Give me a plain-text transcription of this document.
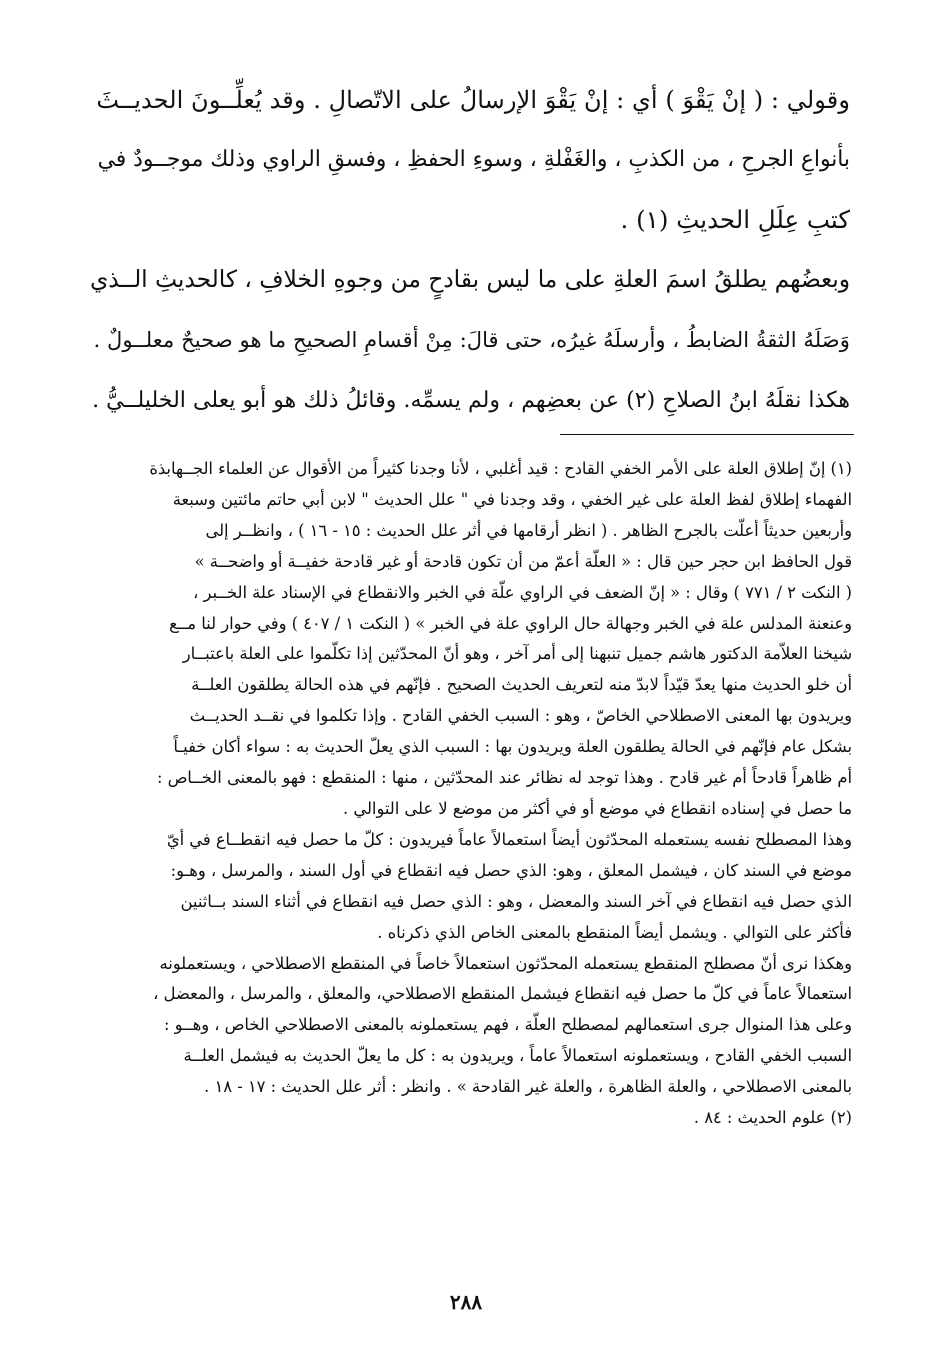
وقولي : ( إنْ يَقْوَ ) أي : إنْ يَقْوَ الإرسالُ على الاتّصالِ . وقد يُعلِّــونَ الحديــثَ
بأنواعِ الجرحِ ، من الكذبِ ، والغَفْلةِ ، وسوءِ الحفظِ ، وفسقِ الراوي وذلك موجــودٌ في
كتبِ عِلَلِ الحديثِ (١) .
وبعضُهم يطلقُ اسمَ العلةِ على ما ليس بقادحٍ من وجوهِ الخلافِ ، كالحديثِ الــذي
وَصَلَهُ الثقةُ الضابطُ ، وأرسلَهُ غيرُه، حتى قالَ: مِنْ أقسامِ الصحيحِ ما هو صحيحٌ معلــولٌ .
هكذا نقلَهُ ابنُ الصلاحِ (٢) عن بعضِهم ، ولم يسمِّه. وقائلُ ذلك هو أبو يعلى الخليلــيُّ .
(١) إنّ إطلاق العلة على الأمر الخفي القادح : قيد أغلبي ، لأنا وجدنا كثيراً من الأقوال عن العلماء الجــهابذة
الفهماء إطلاق لفظ العلة على غير الخفي ، وقد وجدنا في " علل الحديث " لابن أبي حاتم مائتين وسبعة
وأربعين حديثاً أعلّت بالجرح الظاهر . ( انظر أرقامها في أثر علل الحديث : ١٥ - ١٦ ) ، وانظــر إلى
قول الحافظ ابن حجر حين قال : « العلّة أعمّ من أن تكون قادحة أو غير قادحة خفيــة أو واضحــة »
( النكت ٢ / ٧٧١ ) وقال : « إنّ الضعف في الراوي علّة في الخبر والانقطاع في الإسناد علة الخــبر ،
وعنعنة المدلس علة في الخبر وجهالة حال الراوي علة في الخبر » ( النكت ١ / ٤٠٧ ) وفي حوار لنا مــع
شيخنا العلاّمة الدكتور هاشم جميل تنبهنا إلى أمر آخر ، وهو أنّ المحدّثين إذا تكلّموا على العلة باعتبــار
أن خلو الحديث منها يعدّ قيّداً لابدّ منه لتعريف الحديث الصحيح . فإنّهم في هذه الحالة يطلقون العلــة
ويريدون بها المعنى الاصطلاحي الخاصّ ، وهو : السبب الخفي القادح . وإذا تكلموا في نقــد الحديــث
بشكل عام فإنّهم في الحالة يطلقون العلة ويريدون بها : السبب الذي يعلّ الحديث به : سواء أكان خفيـاً
أم ظاهراً قادحاً أم غير قادح . وهذا توجد له نظائر عند المحدّثين ، منها : المنقطع : فهو بالمعنى الخــاص :
ما حصل في إسناده انقطاع في موضع أو في أكثر من موضع لا على التوالي .
وهذا المصطلح نفسه يستعمله المحدّثون أيضاً استعمالاً عاماً فيريدون : كلّ ما حصل فيه انقطــاع في أيّ
موضع في السند كان ، فيشمل المعلق ، وهو: الذي حصل فيه انقطاع في أول السند ، والمرسل ، وهـو:
الذي حصل فيه انقطاع في آخر السند والمعضل ، وهو : الذي حصل فيه انقطاع في أثناء السند بــاثنين
فأكثر على التوالي . ويشمل أيضاً المنقطع بالمعنى الخاص الذي ذكرناه .
وهكذا نرى أنّ مصطلح المنقطع يستعمله المحدّثون استعمالاً خاصاً في المنقطع الاصطلاحي ، ويستعملونه
استعمالاً عاماً في كلّ ما حصل فيه انقطاع فيشمل المنقطع الاصطلاحي، والمعلق ، والمرسل ، والمعضل ،
وعلى هذا المنوال جرى استعمالهم لمصطلح العلّة ، فهم يستعملونه بالمعنى الاصطلاحي الخاص ، وهــو :
السبب الخفي القادح ، ويستعملونه استعمالاً عاماً ، ويريدون به : كل ما يعلّ الحديث به فيشمل العلــة
بالمعنى الاصطلاحي ، والعلة الظاهرة ، والعلة غير القادحة » . وانظر : أثر علل الحديث : ١٧ - ١٨ .
(٢) علوم الحديث : ٨٤ .
٢٨٨
